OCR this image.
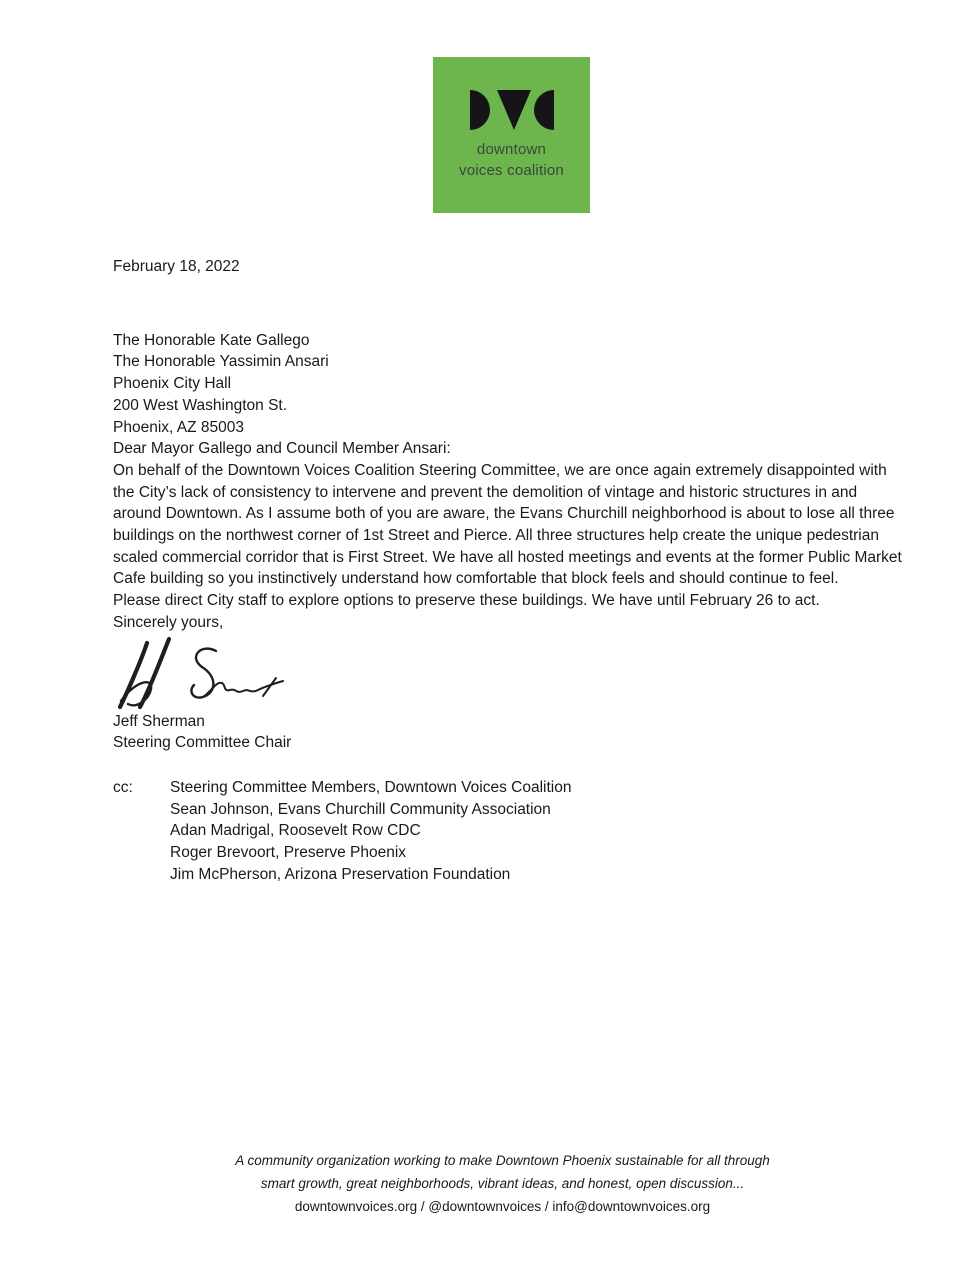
downtown
voices coalition

February 18, 2022

The Honorable Kate Gallego

The Honorable Yassimin Ansari

Phoenix City Hall

200 West Washington St.

Phoenix, AZ 85003

Dear Mayor Gallego and Council Member Ansari:

On behalf of the Downtown Voices Coalition Steering Committee, we are once again extremely disappointed with the City’s lack of consistency to intervene and prevent the demolition of vintage and historic structures in and around Downtown. As I assume both of you are aware, the Evans Churchill neighborhood is about to lose all three buildings on the northwest corner of 1st Street and Pierce. All three structures help create the unique pedestrian scaled commercial corridor that is First Street. We have all hosted meetings and events at the former Public Market Cafe building so you instinctively understand how comfortable that block feels and should continue to feel.

Please direct City staff to explore options to preserve these buildings. We have until February 26 to act.

Sincerely yours,

Jeff Sherman

Steering Committee Chair

cc:	Steering Committee Members, Downtown Voices Coalition

Sean Johnson, Evans Churchill Community Association

Adan Madrigal, Roosevelt Row CDC

Roger Brevoort, Preserve Phoenix

Jim McPherson, Arizona Preservation Foundation

A community organization working to make Downtown Phoenix sustainable for all through

smart growth, great neighborhoods, vibrant ideas, and honest, open discussion...

downtownvoices.org / @downtownvoices / info@downtownvoices.org
